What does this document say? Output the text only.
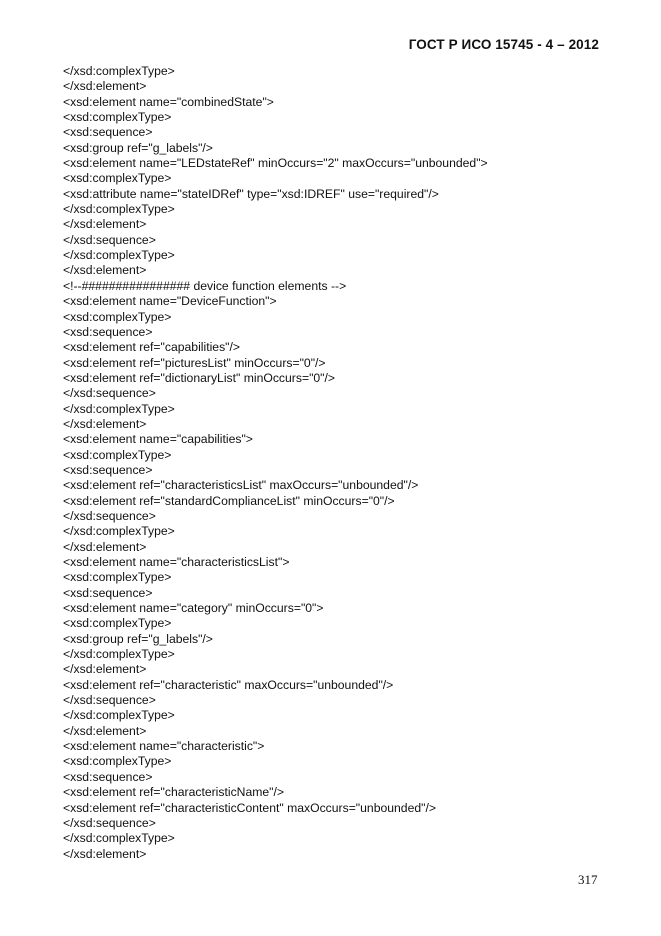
ГОСТ Р ИСО 15745 - 4 – 2012
</xsd:complexType>
</xsd:element>
<xsd:element name="combinedState">
<xsd:complexType>
<xsd:sequence>
<xsd:group ref="g_labels"/>
<xsd:element name="LEDstateRef" minOccurs="2" maxOccurs="unbounded">
<xsd:complexType>
<xsd:attribute name="stateIDRef" type="xsd:IDREF" use="required"/>
</xsd:complexType>
</xsd:element>
</xsd:sequence>
</xsd:complexType>
</xsd:element>
<!--################ device function elements -->
<xsd:element name="DeviceFunction">
<xsd:complexType>
<xsd:sequence>
<xsd:element ref="capabilities"/>
<xsd:element ref="picturesList" minOccurs="0"/>
<xsd:element ref="dictionaryList" minOccurs="0"/>
</xsd:sequence>
</xsd:complexType>
</xsd:element>
<xsd:element name="capabilities">
<xsd:complexType>
<xsd:sequence>
<xsd:element ref="characteristicsList" maxOccurs="unbounded"/>
<xsd:element ref="standardComplianceList" minOccurs="0"/>
</xsd:sequence>
</xsd:complexType>
</xsd:element>
<xsd:element name="characteristicsList">
<xsd:complexType>
<xsd:sequence>
<xsd:element name="category" minOccurs="0">
<xsd:complexType>
<xsd:group ref="g_labels"/>
</xsd:complexType>
</xsd:element>
<xsd:element ref="characteristic" maxOccurs="unbounded"/>
</xsd:sequence>
</xsd:complexType>
</xsd:element>
<xsd:element name="characteristic">
<xsd:complexType>
<xsd:sequence>
<xsd:element ref="characteristicName"/>
<xsd:element ref="characteristicContent" maxOccurs="unbounded"/>
</xsd:sequence>
</xsd:complexType>
</xsd:element>
317
